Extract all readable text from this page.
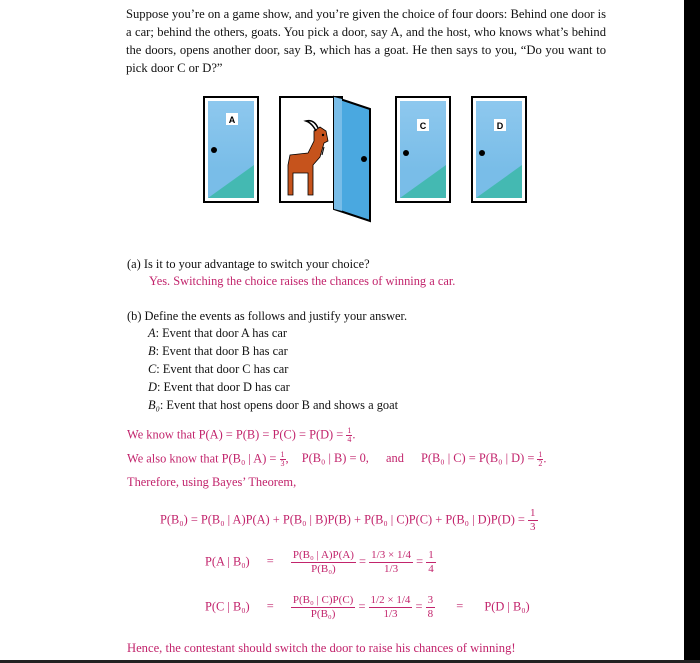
Suppose you’re on a game show, and you’re given the choice of four doors: Behind one door is a car; behind the others, goats. You pick a door, say A, and the host, who knows what’s behind the doors, opens another door, say B, which has a goat. He then says to you, “Do you want to pick door C or D?”

A
C	D
(a) Is it to your advantage to switch your choice?
Yes. Switching the choice raises the chances of winning a car.
(b) Define the events as follows and justify your answer.
A: Event that door A has car
B: Event that door B has car
C: Event that door C has car
D: Event that door D has car
B₀: Event that host opens door B and shows a goat
We know that $P(A) = P(B) = P(C) = P(D) = \frac{1}{4}$ .
We also know that P(B₀ | $A) = \frac{1}{3}$ , P(B₀ | B) = 0, and P(B₀ | C) = P(B₀ | $D) = \frac{1}{2}$ .
Therefore, using Bayes’ Theorem,
P(B₀) = P(B₀ | A)P(A) + P(B₀ | B)P(B) + P(B₀ | C)P(C) + P(B₀ | $D)P(D) = \frac{1}{3}$
P(A | $B_0) = \frac{\text{P(B₀ | A)P(A)}}{\text{P(B₀)}} = \frac{1/3 \times 1/4}{1/3} = \frac{1}{4}$
P(C | $B_0) = \frac{\text{P(B₀ | C)P(C)}}{\text{P(B₀)}} = \frac{1/2 \times 1/4}{1/3} = \frac{3}{8} = P(D$ | B₀)
Hence, the contestant should switch the door to raise his chances of winning!
